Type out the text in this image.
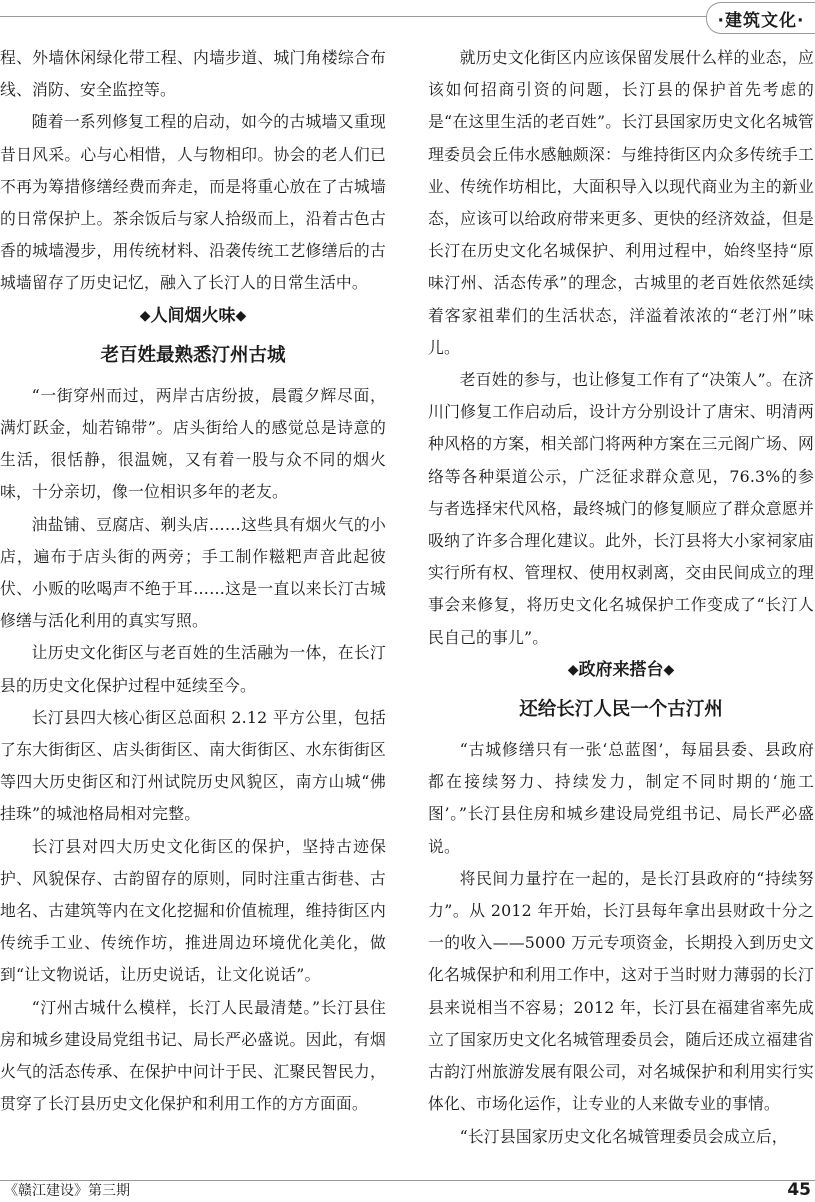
·建筑文化·

程、外墙休闲绿化带工程、内墙步道、城门角楼综合布线、消防、安全监控等。

随着一系列修复工程的启动，如今的古城墙又重现昔日风采。心与心相惜，人与物相印。协会的老人们已不再为筹措修缮经费而奔走，而是将重心放在了古城墙的日常保护上。茶余饭后与家人拾级而上，沿着古色古香的城墙漫步，用传统材料、沿袭传统工艺修缮后的古城墙留存了历史记忆，融入了长汀人的日常生活中。

◆人间烟火味◆
老百姓最熟悉汀州古城

“一街穿州而过，两岸古店纷披，晨霞夕辉尽面，满灯跃金，灿若锦带”。店头街给人的感觉总是诗意的生活，很恬静，很温婉，又有着一股与众不同的烟火味，十分亲切，像一位相识多年的老友。

油盐铺、豆腐店、剃头店……这些具有烟火气的小店，遍布于店头街的两旁；手工制作糍粑声音此起彼伏、小贩的吆喝声不绝于耳……这是一直以来长汀古城修缮与活化利用的真实写照。

让历史文化街区与老百姓的生活融为一体，在长汀县的历史文化保护过程中延续至今。

长汀县四大核心街区总面积 2.12 平方公里，包括了东大街街区、店头街街区、南大街街区、水东街街区等四大历史街区和汀州试院历史风貌区，南方山城“佛挂珠”的城池格局相对完整。

长汀县对四大历史文化街区的保护，坚持古迹保护、风貌保存、古韵留存的原则，同时注重古街巷、古地名、古建筑等内在文化挖掘和价值梳理，维持街区内传统手工业、传统作坊，推进周边环境优化美化，做到“让文物说话，让历史说话，让文化说话”。

“汀州古城什么模样，长汀人民最清楚。”长汀县住房和城乡建设局党组书记、局长严必盛说。因此，有烟火气的活态传承、在保护中问计于民、汇聚民智民力，贯穿了长汀县历史文化保护和利用工作的方方面面。

就历史文化街区内应该保留发展什么样的业态，应该如何招商引资的问题，长汀县的保护首先考虑的是“在这里生活的老百姓”。长汀县国家历史文化名城管理委员会丘伟水感触颇深：与维持街区内众多传统手工业、传统作坊相比，大面积导入以现代商业为主的新业态，应该可以给政府带来更多、更快的经济效益，但是长汀在历史文化名城保护、利用过程中，始终坚持“原味汀州、活态传承”的理念，古城里的老百姓依然延续着客家祖辈们的生活状态，洋溢着浓浓的“老汀州”味儿。

老百姓的参与，也让修复工作有了“决策人”。在济川门修复工作启动后，设计方分别设计了唐宋、明清两种风格的方案，相关部门将两种方案在三元阁广场、网络等各种渠道公示，广泛征求群众意见，76.3%的参与者选择宋代风格，最终城门的修复顺应了群众意愿并吸纳了许多合理化建议。此外，长汀县将大小家祠家庙实行所有权、管理权、使用权剥离，交由民间成立的理事会来修复，将历史文化名城保护工作变成了“长汀人民自己的事儿”。

◆政府来搭台◆
还给长汀人民一个古汀州

“古城修缮只有一张‘总蓝图’，每届县委、县政府都在接续努力、持续发力，制定不同时期的‘施工图’。”长汀县住房和城乡建设局党组书记、局长严必盛说。

将民间力量拧在一起的，是长汀县政府的“持续努力”。从 2012 年开始，长汀县每年拿出县财政十分之一的收入——5000 万元专项资金，长期投入到历史文化名城保护和利用工作中，这对于当时财力薄弱的长汀县来说相当不容易；2012 年，长汀县在福建省率先成立了国家历史文化名城管理委员会，随后还成立福建省古韵汀州旅游发展有限公司，对名城保护和利用实行实体化、市场化运作，让专业的人来做专业的事情。

“长汀县国家历史文化名城管理委员会成立后，

《赣江建设》第三期	45
